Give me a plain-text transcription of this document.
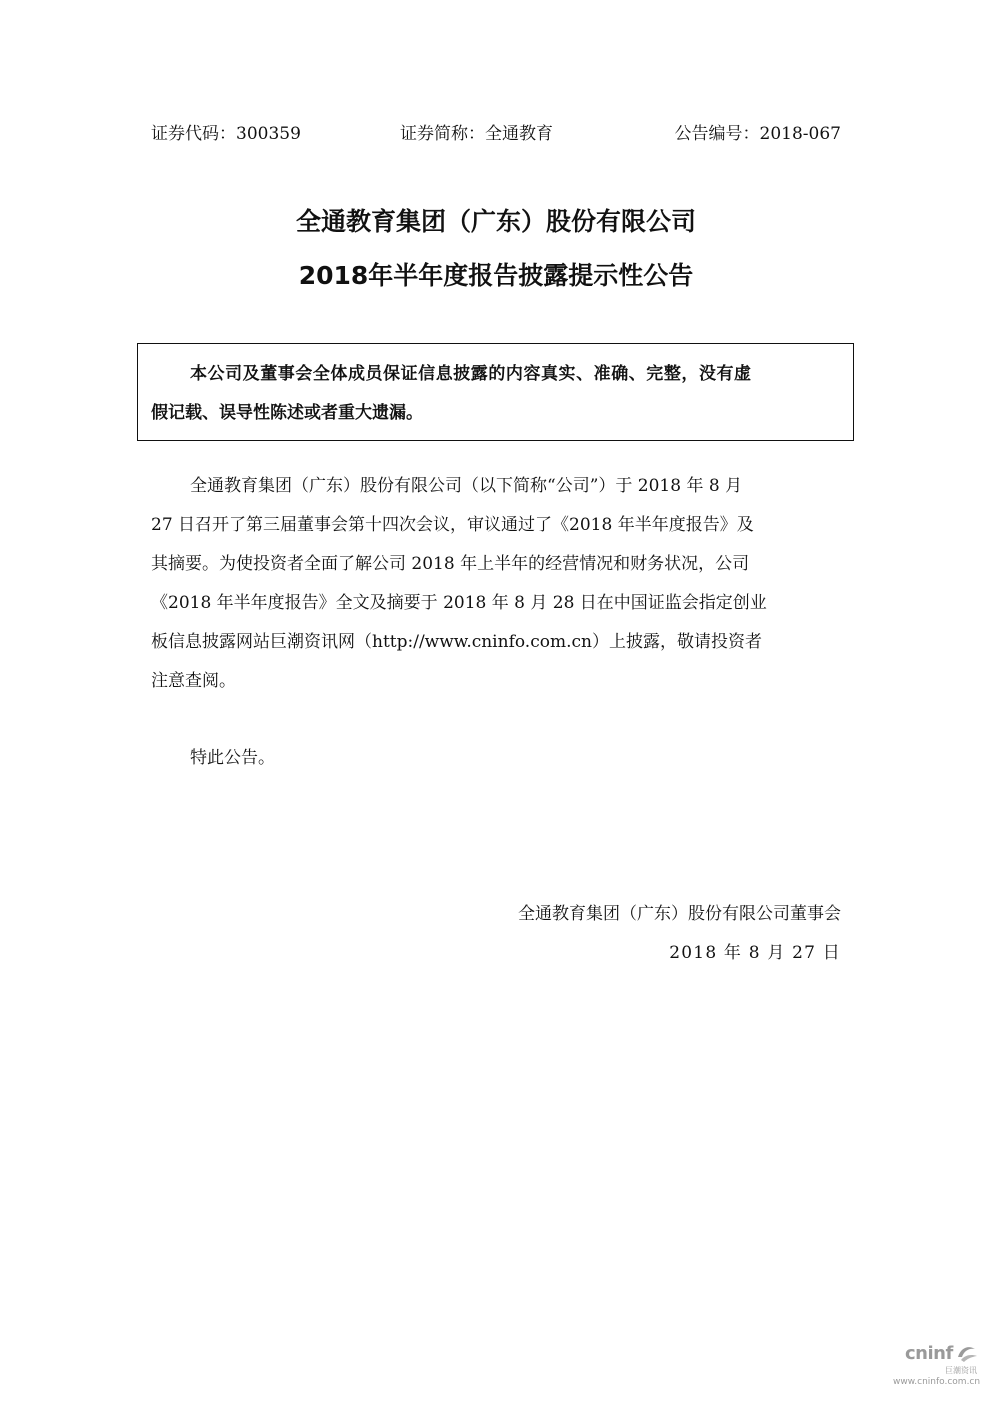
证券代码：300359	证券简称：全通教育	公告编号：2018-067
全通教育集团（广东）股份有限公司
2018年半年度报告披露提示性公告
本公司及董事会全体成员保证信息披露的内容真实、准确、完整，没有虚
假记载、误导性陈述或者重大遗漏。
全通教育集团（广东）股份有限公司（以下简称“公司”）于 2018 年 8 月
27 日召开了第三届董事会第十四次会议，审议通过了《2018 年半年度报告》及
其摘要。为使投资者全面了解公司 2018 年上半年的经营情况和财务状况，公司
《2018 年半年度报告》全文及摘要于 2018 年 8 月 28 日在中国证监会指定创业
板信息披露网站巨潮资讯网（http://www.cninfo.com.cn）上披露，敬请投资者
注意查阅。
特此公告。
全通教育集团（广东）股份有限公司董事会
2018 年 8 月 27 日
cninf
巨潮资讯
www.cninfo.com.cn
